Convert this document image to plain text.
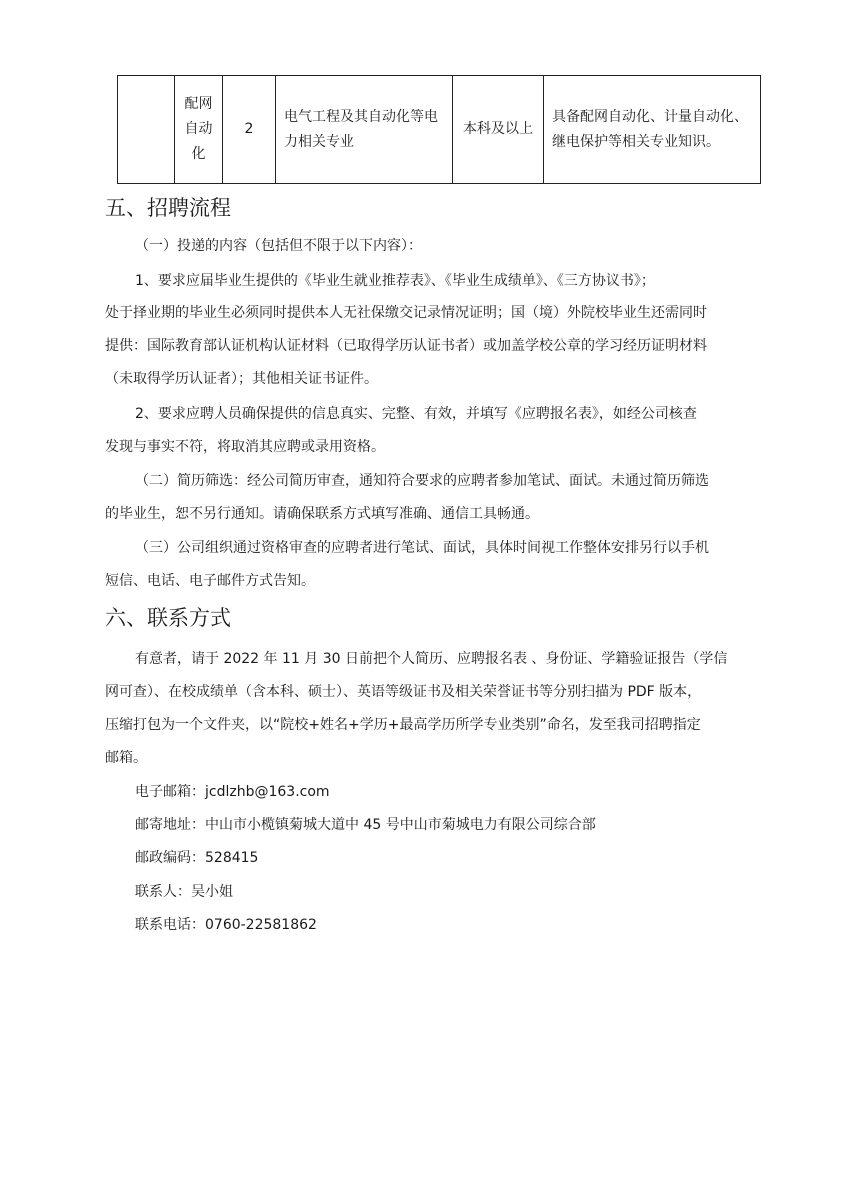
	配网自动化	2	电气工程及其自动化等电力相关专业	本科及以上	具备配网自动化、计量自动化、继电保护等相关专业知识。
五、招聘流程
（一）投递的内容（包括但不限于以下内容）：
1、要求应届毕业生提供的《毕业生就业推荐表》、《毕业生成绩单》、《三方协议书》；
处于择业期的毕业生必须同时提供本人无社保缴交记录情况证明；国（境）外院校毕业生还需同时
提供：国际教育部认证机构认证材料（已取得学历认证书者）或加盖学校公章的学习经历证明材料
（未取得学历认证者）；其他相关证书证件。
2、要求应聘人员确保提供的信息真实、完整、有效，并填写《应聘报名表》，如经公司核查
发现与事实不符，将取消其应聘或录用资格。
（二）简历筛选：经公司简历审查，通知符合要求的应聘者参加笔试、面试。未通过简历筛选
的毕业生，恕不另行通知。请确保联系方式填写准确、通信工具畅通。
（三）公司组织通过资格审查的应聘者进行笔试、面试，具体时间视工作整体安排另行以手机
短信、电话、电子邮件方式告知。
六、联系方式
有意者，请于 2022 年 11 月 30 日前把个人简历、应聘报名表 、身份证、学籍验证报告（学信
网可查）、在校成绩单（含本科、硕士）、英语等级证书及相关荣誉证书等分别扫描为 PDF 版本，
压缩打包为一个文件夹，以“院校+姓名+学历+最高学历所学专业类别”命名，发至我司招聘指定
邮箱。
电子邮箱：jcdlzhb@163.com
邮寄地址：中山市小榄镇菊城大道中 45 号中山市菊城电力有限公司综合部
邮政编码：528415
联系人：吴小姐
联系电话：0760-22581862
